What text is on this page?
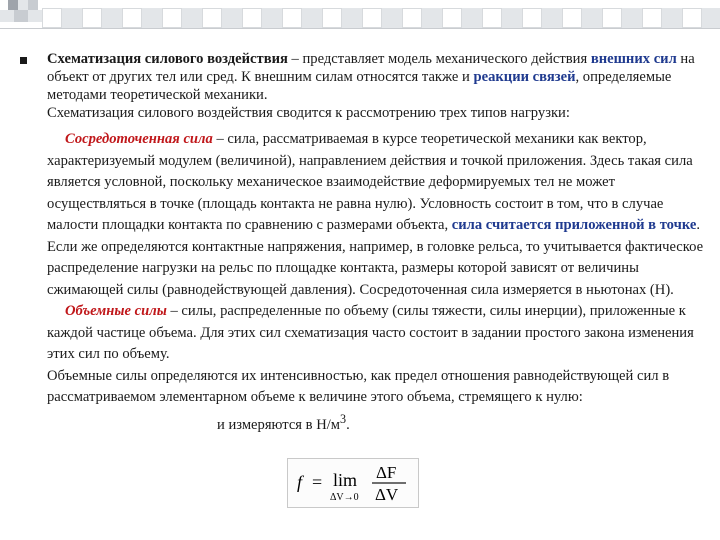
Схематизация силового воздействия – представляет модель механического действия внешних сил на объект от других тел или сред. К внешним силам относятся также и реакции связей, определяемые методами теоретической механики.

Схематизация силового воздействия сводится к рассмотрению трех типов нагрузки:

Сосредоточенная сила – сила, рассматриваемая в курсе теоретической механики как вектор, характеризуемый модулем (величиной), направлением действия и точкой приложения. Здесь такая сила является условной, поскольку механическое взаимодействие деформируемых тел не может осуществляться в точке (площадь контакта не равна нулю). Условность состоит в том, что в случае малости площадки контакта по сравнению с размерами объекта, сила считается приложенной в точке. Если же определяются контактные напряжения, например, в головке рельса, то учитывается фактическое распределение нагрузки на рельс по площадке контакта, размеры которой зависят от величины сжимающей силы (равнодействующей давления). Сосредоточенная сила измеряется в ньютонах (Н).

Объемные силы – силы, распределенные по объему (силы тяжести, силы инерции), приложенные к каждой частице объема. Для этих сил схематизация часто состоит в задании простого закона изменения этих сил по объему.

Объемные силы определяются их интенсивностью, как предел отношения равнодействующей сил в рассматриваемом элементарном объеме к величине этого объема, стремящего к нулю:и измеряются в $Н/м^3$.

f = lim
ΔV→0
ΔF
ΔV
